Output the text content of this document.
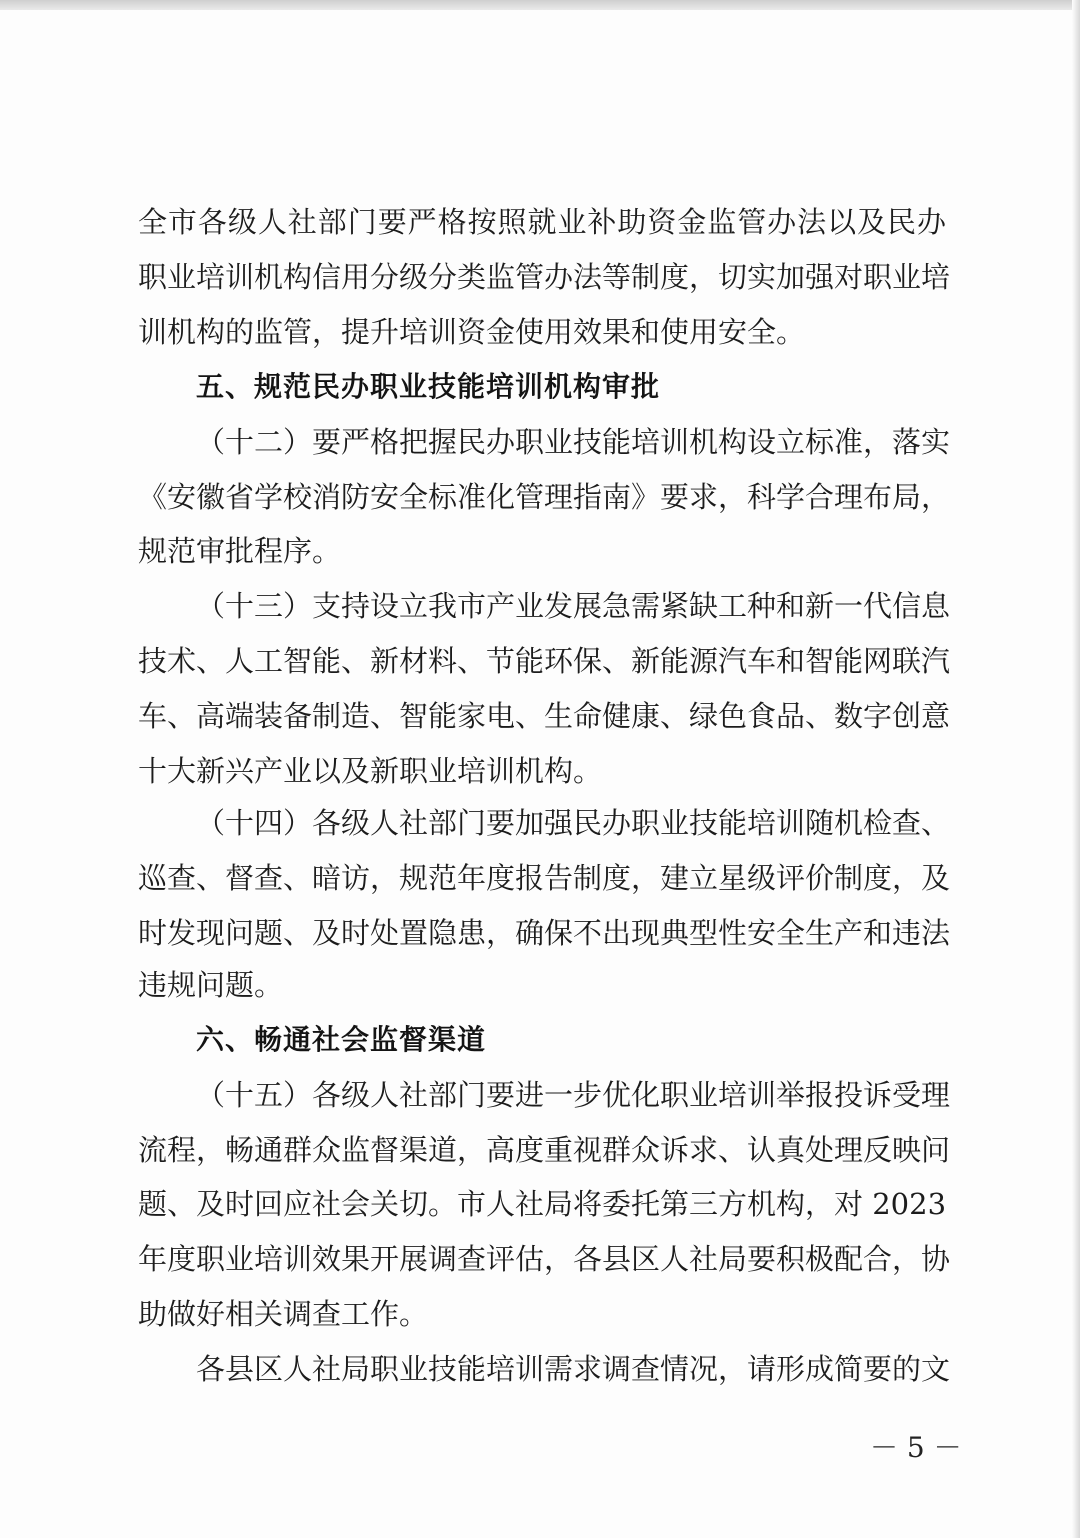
全市各级人社部门要严格按照就业补助资金监管办法以及民办

职业培训机构信用分级分类监管办法等制度，切实加强对职业培

训机构的监管，提升培训资金使用效果和使用安全。

五、规范民办职业技能培训机构审批

（十二）要严格把握民办职业技能培训机构设立标准，落实

《安徽省学校消防安全标准化管理指南》要求，科学合理布局，

规范审批程序。

（十三）支持设立我市产业发展急需紧缺工种和新一代信息

技术、人工智能、新材料、节能环保、新能源汽车和智能网联汽

车、高端装备制造、智能家电、生命健康、绿色食品、数字创意

十大新兴产业以及新职业培训机构。

（十四）各级人社部门要加强民办职业技能培训随机检查、

巡查、督查、暗访，规范年度报告制度，建立星级评价制度，及

时发现问题、及时处置隐患，确保不出现典型性安全生产和违法

违规问题。

六、畅通社会监督渠道

（十五）各级人社部门要进一步优化职业培训举报投诉受理

流程，畅通群众监督渠道，高度重视群众诉求、认真处理反映问

题、及时回应社会关切。市人社局将委托第三方机构，对 2023

年度职业培训效果开展调查评估，各县区人社局要积极配合，协

助做好相关调查工作。

各县区人社局职业技能培训需求调查情况，请形成简要的文

－ 5 －
